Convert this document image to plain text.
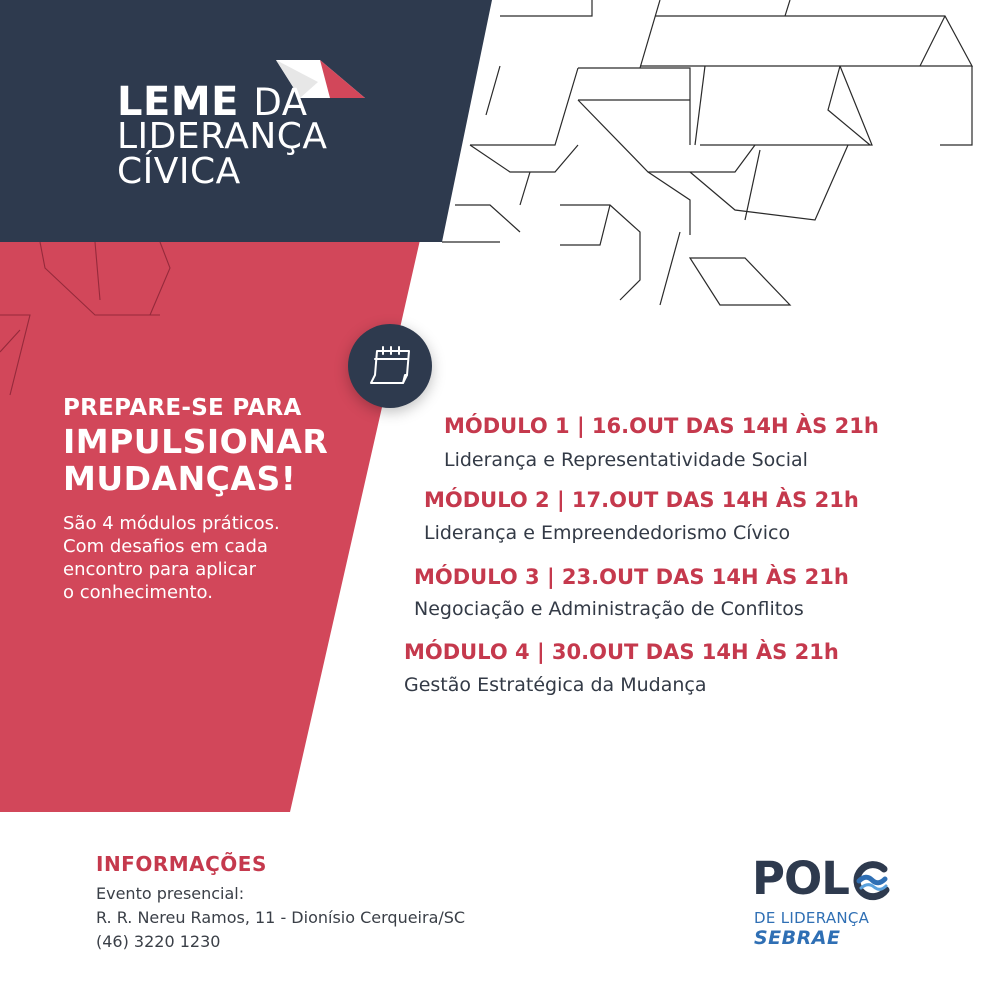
LEME DA
LIDERANÇA
CÍVICA
PREPARE-SE PARA
IMPULSIONAR
MUDANÇAS!
São 4 módulos práticos.
Com desafios em cada
encontro para aplicar
o conhecimento.
MÓDULO 1 | 16.OUT DAS 14H ÀS 21h
Liderança e Representatividade Social
MÓDULO 2 | 17.OUT DAS 14H ÀS 21h
Liderança e Empreendedorismo Cívico
MÓDULO 3 | 23.OUT DAS 14H ÀS 21h
Negociação e Administração de Conflitos
MÓDULO 4 | 30.OUT DAS 14H ÀS 21h
Gestão Estratégica da Mudança
INFORMAÇÕES
Evento presencial:
R. R. Nereu Ramos, 11 - Dionísio Cerqueira/SC
(46) 3220 1230
POL
DE LIDERANÇA
SEBRAE
